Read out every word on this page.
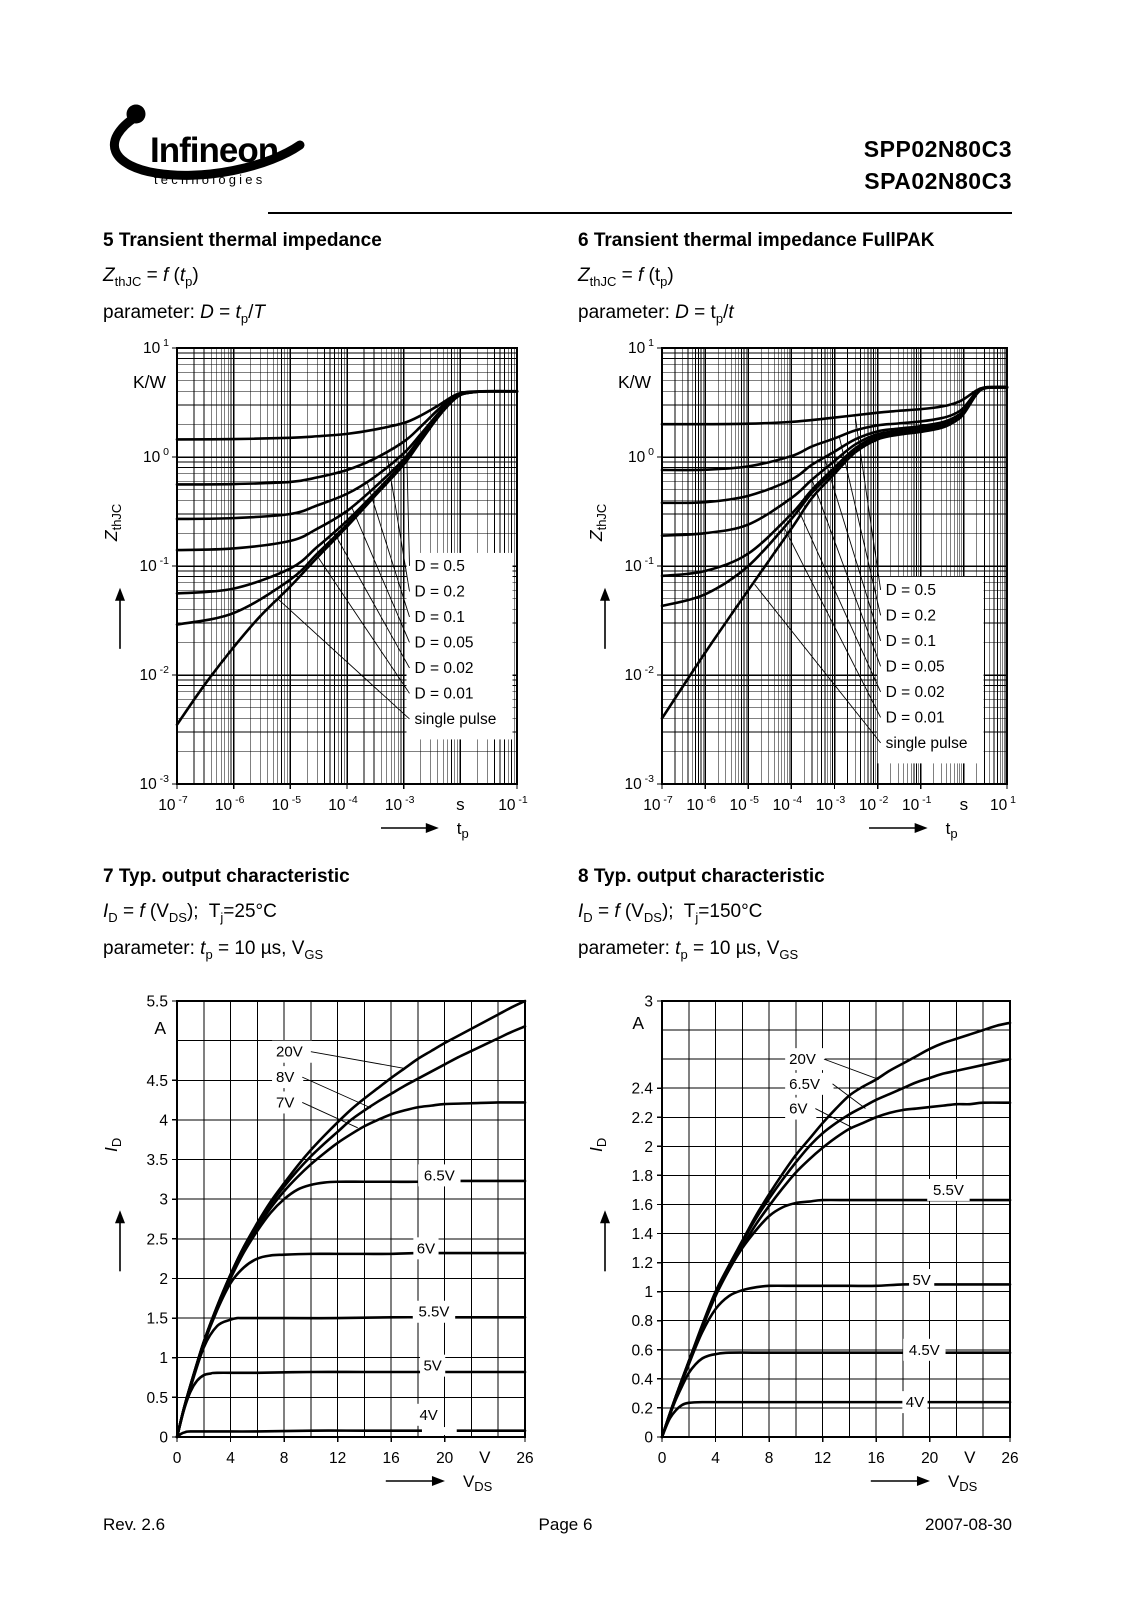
Infineon
technologies
SPP02N80C3
SPA02N80C3
5 Transient thermal impedance
$Z_{thJC} = f$ $(t_p)$
parameter: $D = t_p/T$
6 Transient thermal impedance FullPAK
$Z_{thJC} = f$ $(t_p)$
parameter: $D = t_p/t$
D = 0.5
D = 0.2
D = 0.1
D = 0.05
D = 0.02
D = 0.01
single pulse
10 $^{-7}$ 10 $^{-6}$ 10 $^{-5}$ 10 $^{-4}$ 10 $^{-3}$	10 $^{-1}$
10 $^1$
10 $^0$
10 $^{-1}$
10 $^{-2}$
10 $^{-3}$
s
K/W
$Z_{thJC}$
$t_p$
D = 0.5
D = 0.2
D = 0.1
D = 0.05
D = 0.02
D = 0.01
single pulse
10 $^{-7}$ 10 $^{-6}$ 10 $^{-5}$ 10 $^{-4}$ 10 $^{-3}$ 10 $^{-2}$ 10 $^{-1}$	10 $^1$
10 $^1$
10 $^0$
10 $^{-1}$
10 $^{-2}$
10 $^{-3}$
s
K/W
$Z_{thJC}$
$t_p$
7 Typ. output characteristic
$I_D = f$ $(V_{DS})$;  $T_j=25^\circ C$
parameter: $t_p = 10$ µs, $V_{GS}$
8 Typ. output characteristic
$I_D = f$ $(V_{DS})$;  $T_j=150^\circ C$
parameter: $t_p = 10$ µs, $V_{GS}$
6.5V
6V
5.5V
5V
4V
20V
8V
7V
0	4	8	12 16 20	26
5.5
4.5
4
3.5
3
2.5
2
1.5
1
0.5
0
V
A
$I_D$
$V_{DS}$
5.5V
5V
4.5V
4V
20V
6.5V
6V
0	4	8	12 16 20	26
3
2.4
2.2
2
1.8
1.6
1.4
1.2
1
0.8
0.6
0.4
0.2
0
V
A
$I_D$
$V_{DS}$
Rev. 2.6	Page 6	2007-08-30
